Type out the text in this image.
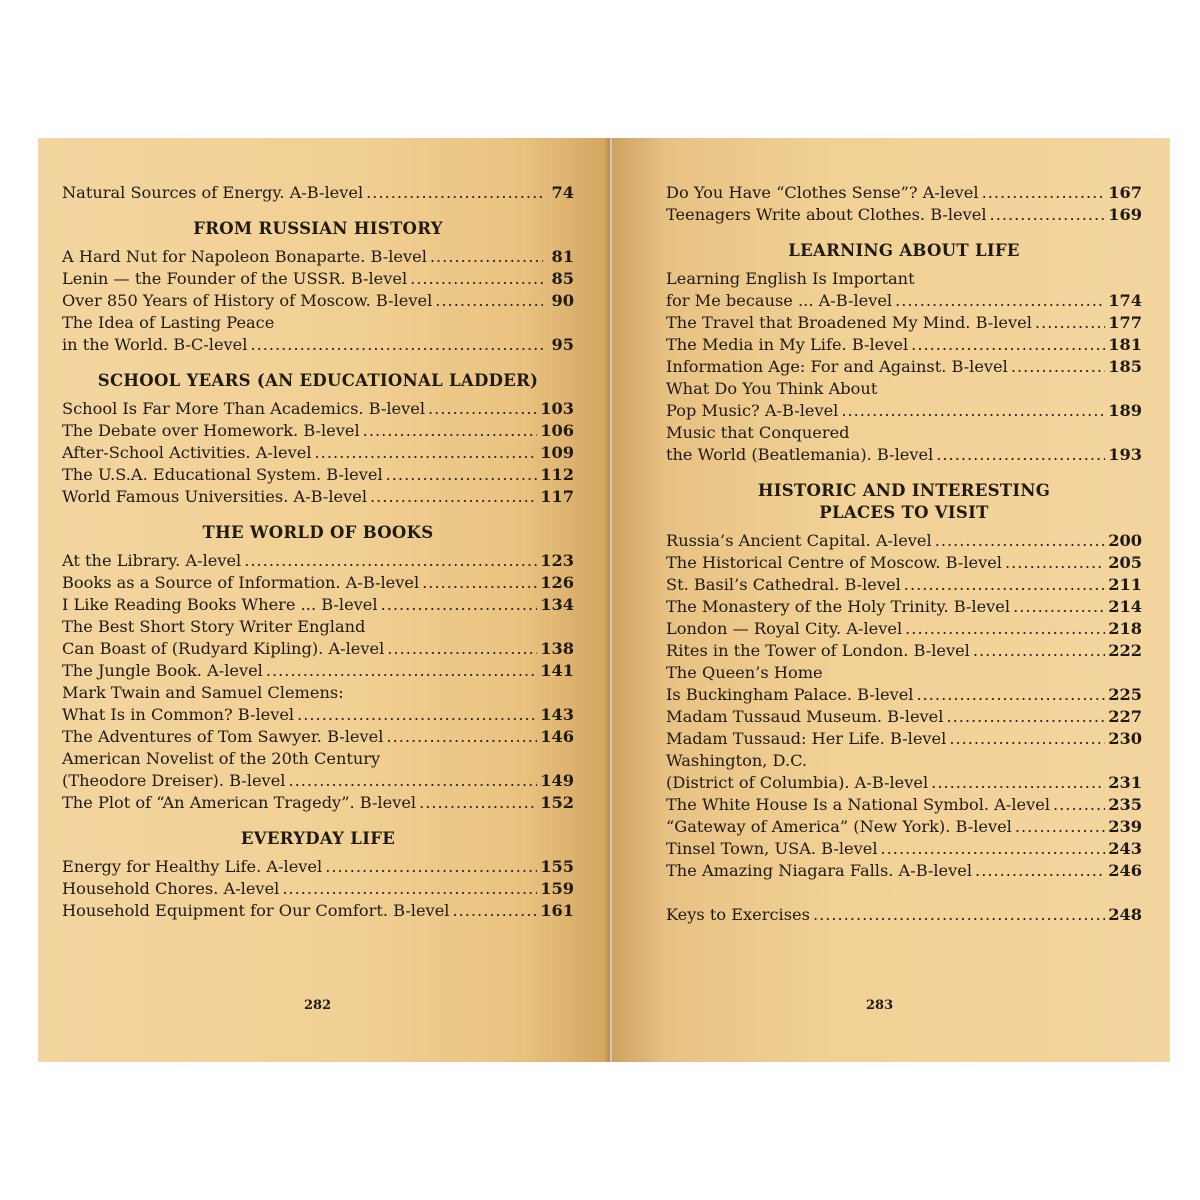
Natural Sources of Energy. A-B-level .....	74
FROM RUSSIAN HISTORY
A Hard Nut for Napoleon Bonaparte. B-level .....	81
Lenin — the Founder of the USSR. B-level .....	85
Over 850 Years of History of Moscow. B-level .....	90
The Idea of Lasting Peace
in the World. B-C-level .....	95
SCHOOL YEARS (AN EDUCATIONAL LADDER)
School Is Far More Than Academics. B-level .....	103
The Debate over Homework. B-level .....	106
After-School Activities. A-level .....	109
The U.S.A. Educational System. B-level .....	112
World Famous Universities. A-B-level .....	117
THE WORLD OF BOOKS
At the Library. A-level .....	123
Books as a Source of Information. A-B-level .....	126
I Like Reading Books Where ... B-level .....	134
The Best Short Story Writer England
Can Boast of (Rudyard Kipling). A-level .....	138
The Jungle Book. A-level .....	141
Mark Twain and Samuel Clemens:
What Is in Common? B-level .....	143
The Adventures of Tom Sawyer. B-level .....	146
American Novelist of the 20th Century
(Theodore Dreiser). B-level .....	149
The Plot of “An American Tragedy”. B-level .....	152
EVERYDAY LIFE
Energy for Healthy Life. A-level .....	155
Household Chores. A-level .....	159
Household Equipment for Our Comfort. B-level .....	161
282
Do You Have “Clothes Sense”? A-level .....	167
Teenagers Write about Clothes. B-level .....	169
LEARNING ABOUT LIFE
Learning English Is Important
for Me because ... A-B-level .....	174
The Travel that Broadened My Mind. B-level .....	177
The Media in My Life. B-level .....	181
Information Age: For and Against. B-level .....	185
What Do You Think About
Pop Music? A-B-level .....	189
Music that Conquered
the World (Beatlemania). B-level .....	193
HISTORIC AND INTERESTING
PLACES TO VISIT
Russia’s Ancient Capital. A-level .....	200
The Historical Centre of Moscow. B-level .....	205
St. Basil’s Cathedral. B-level .....	211
The Monastery of the Holy Trinity. B-level .....	214
London — Royal City. A-level .....	218
Rites in the Tower of London. B-level .....	222
The Queen’s Home
Is Buckingham Palace. B-level .....	225
Madam Tussaud Museum. B-level .....	227
Madam Tussaud: Her Life. B-level .....	230
Washington, D.C.
(District of Columbia). A-B-level .....	231
The White House Is a National Symbol. A-level .....	235
“Gateway of America” (New York). B-level .....	239
Tinsel Town, USA. B-level .....	243
The Amazing Niagara Falls. A-B-level .....	246
Keys to Exercises .....	248
283
